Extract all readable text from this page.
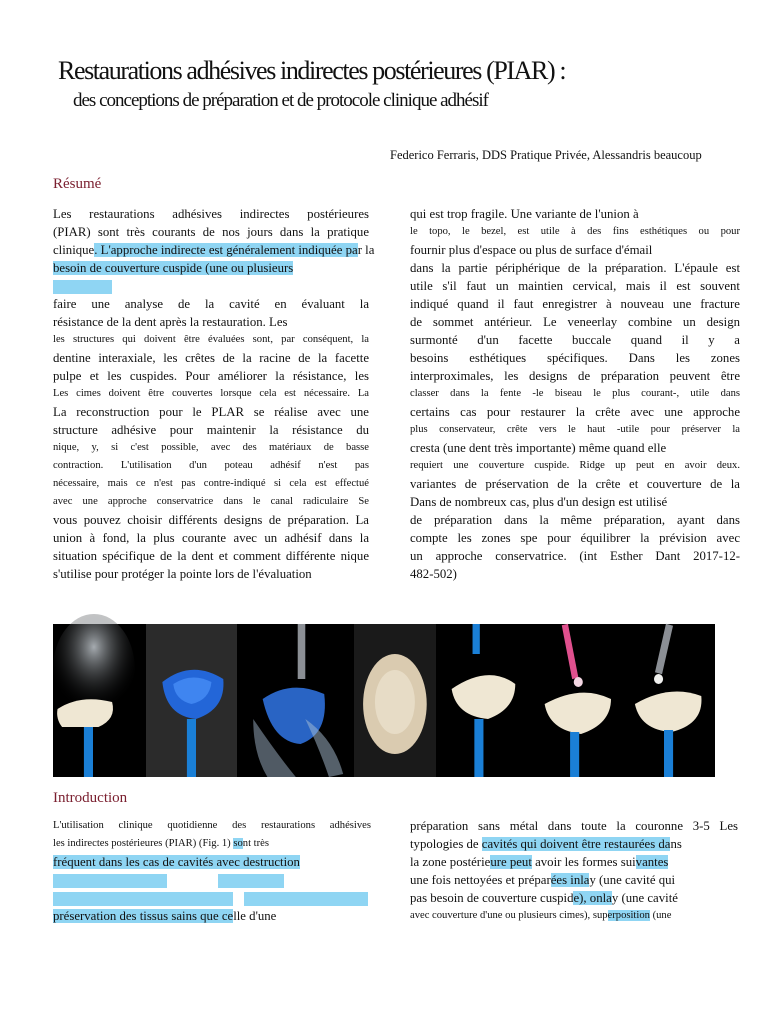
Restaurations adhésives indirectes postérieures (PIAR) :
des conceptions de préparation et de protocole clinique adhésif
Federico Ferraris, DDS Pratique Privée, Alessandris beaucoup
Résumé
Les restaurations adhésives indirectes postérieures
(PIAR) sont très courants de nos jours dans la pratique
clinique. L'approche indirecte est généralement indiquée par la
besoin de couverture cuspide (une ou plusieurs
faire une analyse de la cavité en évaluant la
résistance de la dent après la restauration. Les
les structures qui doivent être évaluées sont, par conséquent, la
dentine interaxiale, les crêtes de la racine de la facette
pulpe et les cuspides. Pour améliorer la résistance, les
Les cimes doivent être couvertes lorsque cela est nécessaire. La
La reconstruction pour le PLAR se réalise avec une
structure adhésive pour maintenir la résistance du
nique, y, si c'est possible, avec des matériaux de basse
contraction. L'utilisation d'un poteau adhésif n'est pas
nécessaire, mais ce n'est pas contre-indiqué si cela est effectué
avec une approche conservatrice dans le canal radiculaire Se
vous pouvez choisir différents designs de préparation. La
union à fond, la plus courante avec un adhésif dans la
situation spécifique de la dent et comment différente nique
s'utilise pour protéger la pointe lors de l'évaluation
qui est trop fragile. Une variante de l'union à
le topo, le bezel, est utile à des fins esthétiques ou pour
fournir plus d'espace ou plus de surface d'émail
dans la partie périphérique de la préparation. L'épaule est
utile s'il faut un maintien cervical, mais il est souvent
indiqué quand il faut enregistrer à nouveau une fracture
de sommet antérieur. Le veneerlay combine un design
surmonté d'un facette buccale quand il y a
besoins esthétiques spécifiques. Dans les zones
interproximales, les designs de préparation peuvent être
classer dans la fente -le biseau le plus courant-, utile dans
certains cas pour restaurer la crête avec une approche
plus conservateur, crête vers le haut -utile pour préserver la
cresta (une dent très importante) même quand elle
requiert une couverture cuspide. Ridge up peut en avoir deux.
variantes de préservation de la crête et couverture de la
Dans de nombreux cas, plus d'un design est utilisé
de préparation dans la même préparation, ayant dans
compte les zones spe pour équilibrer la prévision avec
un approche conservatrice. (int Esther Dant 2017-12-
482-502)
Introduction
L'utilisation clinique quotidienne des restaurations adhésives
les indirectes postérieures (PIAR) (Fig. 1) sont très
fréquent dans les cas de cavités avec destruction
préservation des tissus sains que celle d'une
préparation sans métal dans toute la couronne 3-5 Les
typologies de cavités qui doivent être restaurées dans
la zone postérieure peut avoir les formes suivantes
une fois nettoyées et préparées inlay (une cavité qui
pas besoin de couverture cuspide), onlay (une cavité
avec couverture d'une ou plusieurs cimes), superposition (une
